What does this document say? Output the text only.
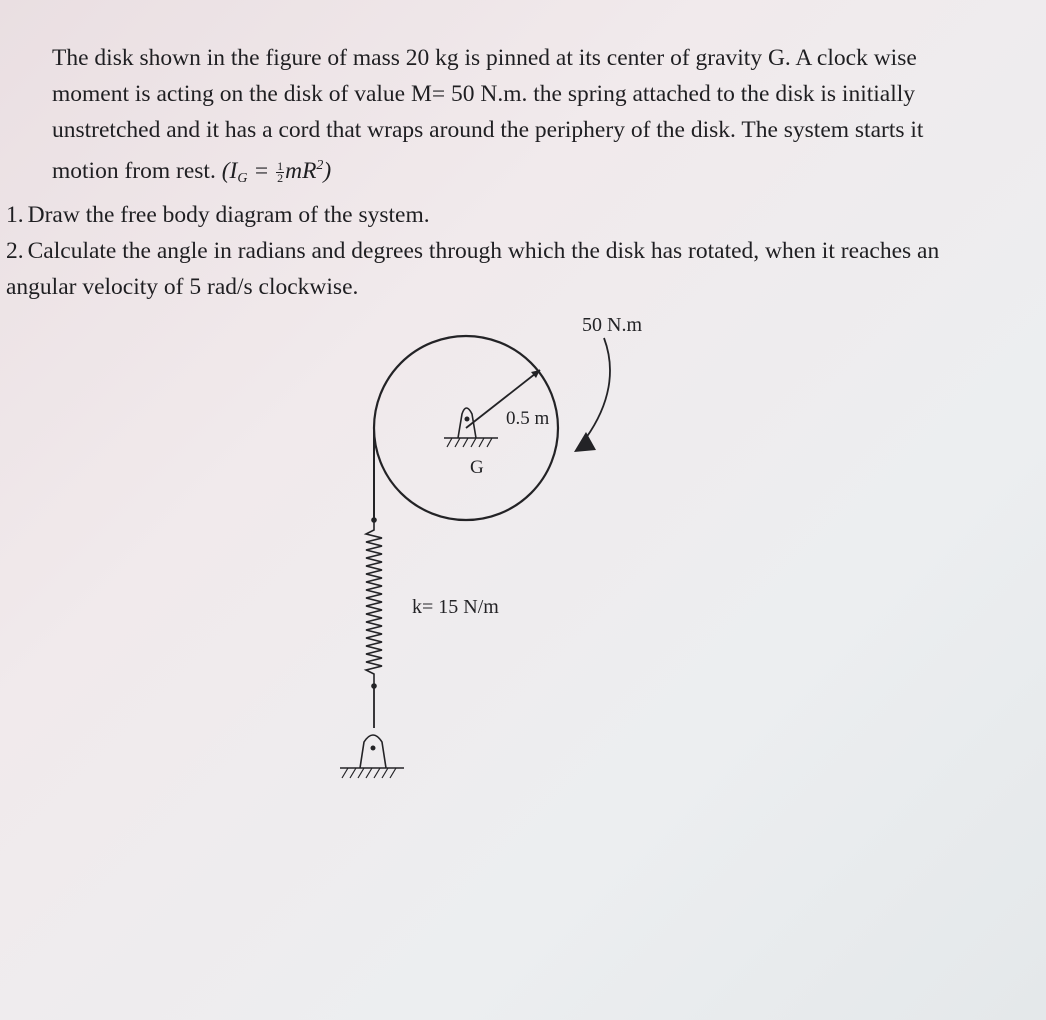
The disk shown in the figure of mass 20 kg is pinned at its center of gravity G. A clock wise moment is acting on the disk of value M= 50 N.m. the spring attached to the disk is initially unstretched and it has a cord that wraps around the periphery of the disk. The system starts it motion from rest. $(I_G = \frac{1}{2} mR^2)$

1. Draw the free body diagram of the system.

2. Calculate the angle in radians and degrees through which the disk has rotated, when it reaches an angular velocity of 5 rad/s clockwise.

50 N.m
0.5 m
G
k= 15 N/m
